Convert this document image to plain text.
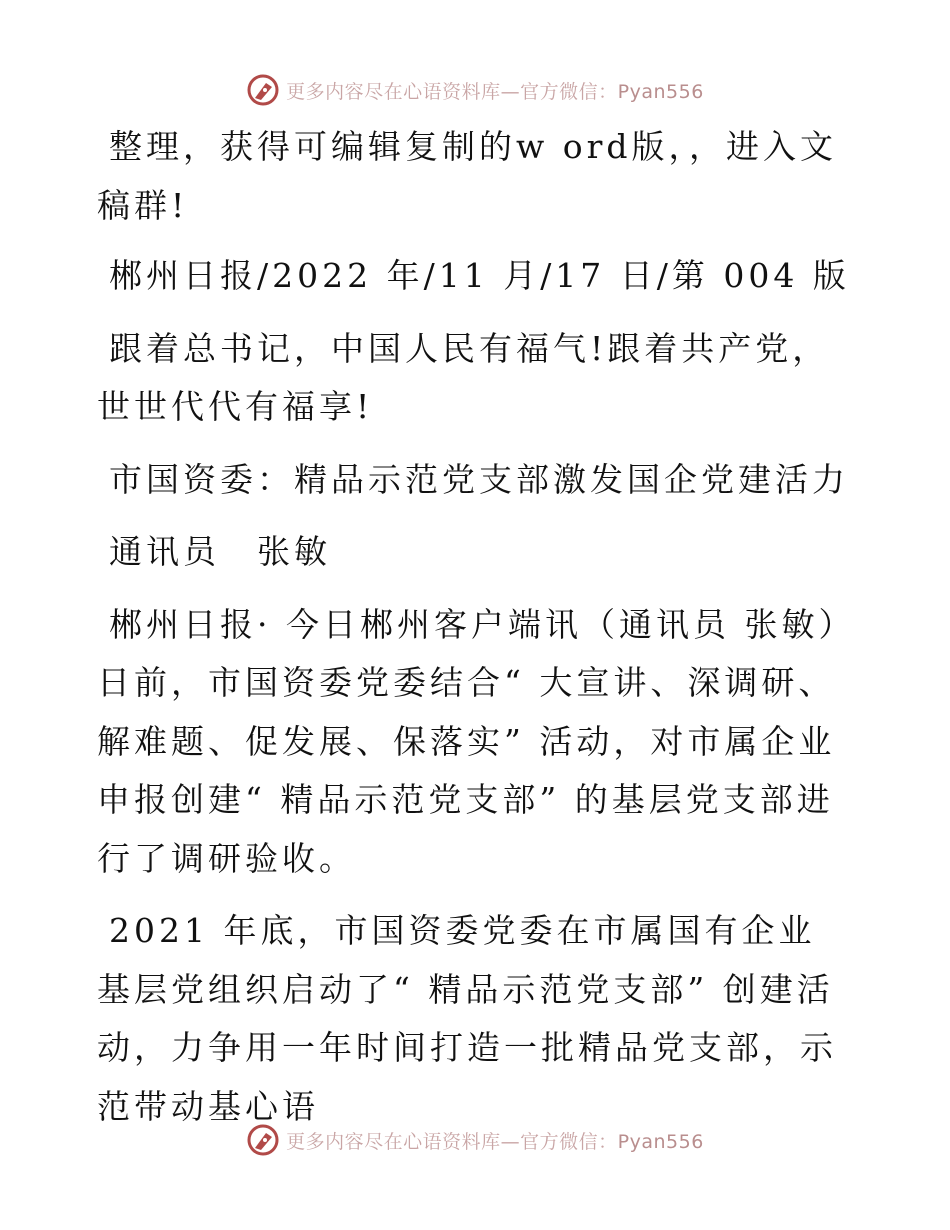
更多内容尽在心语资料库—官方微信：Pyan556

整理，获得可编辑复制的w ord版，，进入文稿群!

郴州日报/2022 年/11 月/17 日/第 004 版

跟着总书记，中国人民有福气!跟着共产党，世世代代有福享!

市国资委：精品示范党支部激发国企党建活力

通讯员　张敏

郴州日报· 今日郴州客户端讯（通讯员 张敏）日前，市国资委党委结合“ 大宣讲、深调研、解难题、促发展、保落实” 活动，对市属企业申报创建“ 精品示范党支部” 的基层党支部进行了调研验收。

2021 年底，市国资委党委在市属国有企业基层党组织启动了“ 精品示范党支部” 创建活动，力争用一年时间打造一批精品党支部，示范带动基心语

更多内容尽在心语资料库—官方微信：Pyan556
